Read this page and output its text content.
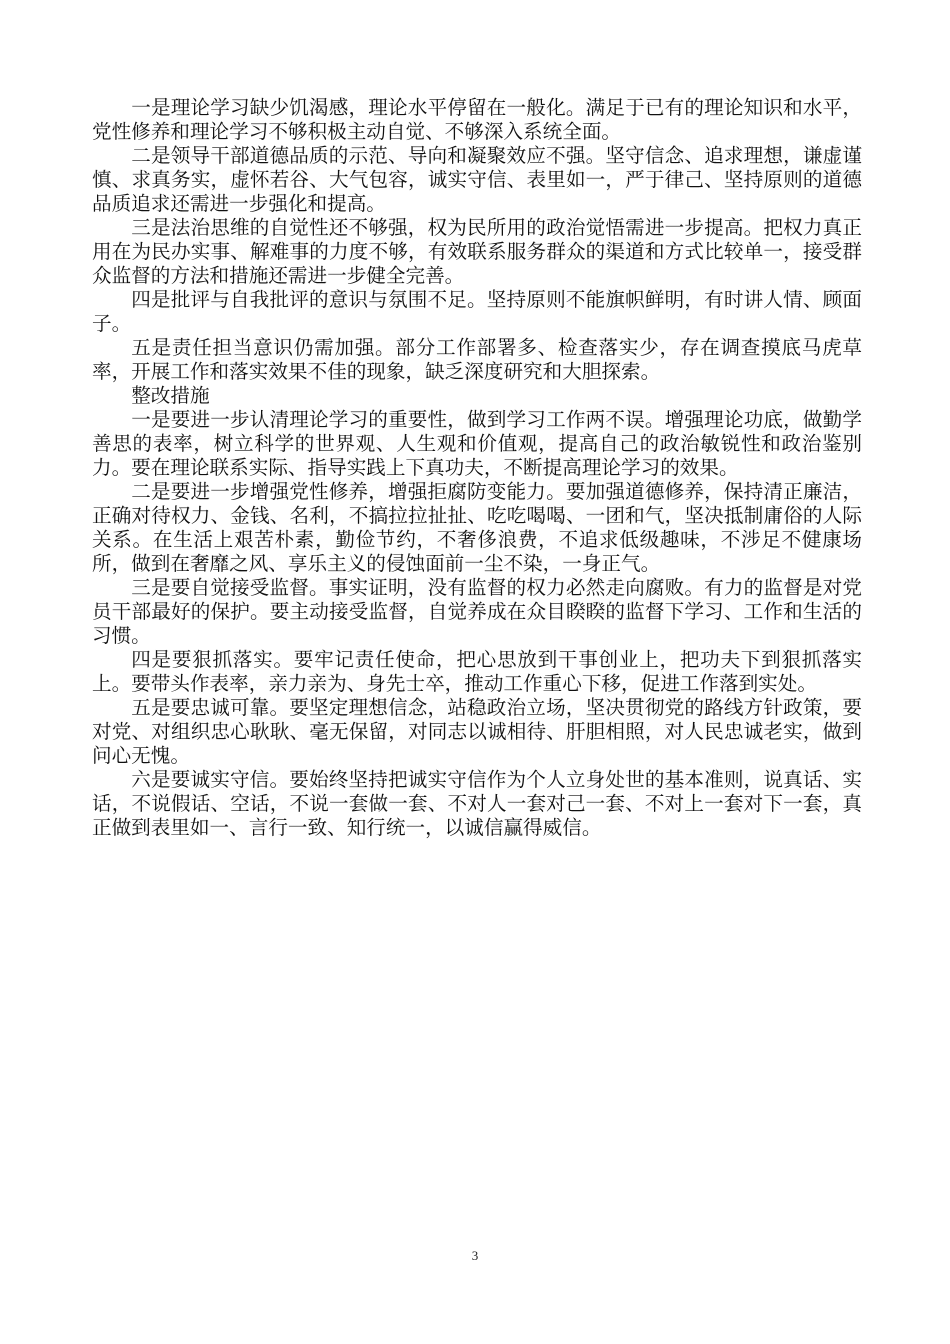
一是理论学习缺少饥渴感，理论水平停留在一般化。满足于已有的理论知识和水平，党性修养和理论学习不够积极主动自觉、不够深入系统全面。

二是领导干部道德品质的示范、导向和凝聚效应不强。坚守信念、追求理想，谦虚谨慎、求真务实，虚怀若谷、大气包容，诚实守信、表里如一，严于律己、坚持原则的道德品质追求还需进一步强化和提高。

三是法治思维的自觉性还不够强，权为民所用的政治觉悟需进一步提高。把权力真正用在为民办实事、解难事的力度不够，有效联系服务群众的渠道和方式比较单一，接受群众监督的方法和措施还需进一步健全完善。

四是批评与自我批评的意识与氛围不足。坚持原则不能旗帜鲜明，有时讲人情、顾面子。

五是责任担当意识仍需加强。部分工作部署多、检查落实少，存在调查摸底马虎草率，开展工作和落实效果不佳的现象，缺乏深度研究和大胆探索。

整改措施

一是要进一步认清理论学习的重要性，做到学习工作两不误。增强理论功底，做勤学善思的表率，树立科学的世界观、人生观和价值观，提高自己的政治敏锐性和政治鉴别力。要在理论联系实际、指导实践上下真功夫，不断提高理论学习的效果。

二是要进一步增强党性修养，增强拒腐防变能力。要加强道德修养，保持清正廉洁，正确对待权力、金钱、名利，不搞拉拉扯扯、吃吃喝喝、一团和气，坚决抵制庸俗的人际关系。在生活上艰苦朴素，勤俭节约，不奢侈浪费，不追求低级趣味，不涉足不健康场所，做到在奢靡之风、享乐主义的侵蚀面前一尘不染，一身正气。

三是要自觉接受监督。事实证明，没有监督的权力必然走向腐败。有力的监督是对党员干部最好的保护。要主动接受监督，自觉养成在众目睽睽的监督下学习、工作和生活的习惯。

四是要狠抓落实。要牢记责任使命，把心思放到干事创业上，把功夫下到狠抓落实上。要带头作表率，亲力亲为、身先士卒，推动工作重心下移，促进工作落到实处。

五是要忠诚可靠。要坚定理想信念，站稳政治立场，坚决贯彻党的路线方针政策，要对党、对组织忠心耿耿、毫无保留，对同志以诚相待、肝胆相照，对人民忠诚老实，做到问心无愧。

六是要诚实守信。要始终坚持把诚实守信作为个人立身处世的基本准则，说真话、实话，不说假话、空话，不说一套做一套、不对人一套对己一套、不对上一套对下一套，真正做到表里如一、言行一致、知行统一，以诚信赢得威信。

3
